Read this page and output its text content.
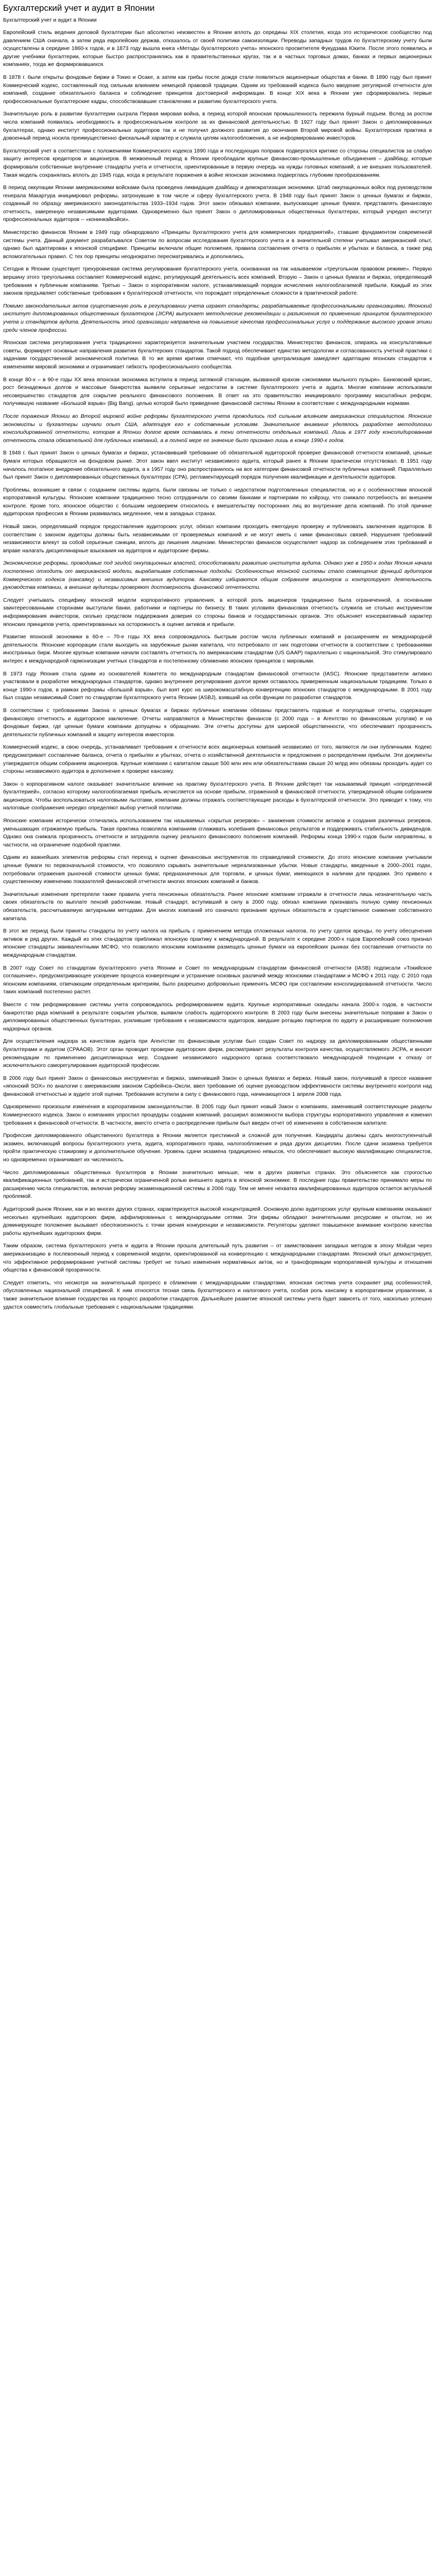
Бухгалтерский учет и аудит в Японии
Бухгалтерский учет и аудит в Японии

Европейский стиль ведения деловой бухгалтерии был абсолютно неизвестен в Японии вплоть до середины XIX столетия, когда это историческое сообщество под давлением США сначала, а затем ряда европейских держав, отказалось от своей политики самоизоляции. Переводы западных трудов по бухгалтерскому учету были осуществлены в середине 1860-х годов, и в 1873 году вышла книга «Методы бухгалтерского учета» японского просветителя Фукудзава Юкити. После этого появились и другие учебники бухгалтерии, которые быстро распространялись как в правительственных кругах, так и в частных торговых домах, банках и первых акционерных компаниях, тогда же формировавшихся.

В 1878 г. были открыты фондовые биржи в Токио и Осаке, а затем как грибы после дождя стали появляться акционерные общества и банки. В 1890 году был принят Коммерческий кодекс, составленный под сильным влиянием немецкой правовой традиции. Одним из требований кодекса было введение регулярной отчетности для компаний, создание обязательного баланса и соблюдение принципов достоверной информации. В конце XIX века в Японии уже сформировались первые профессиональные бухгалтерские кадры, способствовавшие становлению и развитию бухгалтерского учета.

Значительную роль в развитии бухгалтерии сыграла Первая мировая война, в период которой японская промышленность пережила бурный подъем. Вслед за ростом числа компаний появилась необходимость в профессиональном контроле за их финансовой деятельностью. В 1927 году был принят Закон о дипломированных бухгалтерах, однако институт профессиональных аудиторов так и не получил должного развития до окончания Второй мировой войны. Бухгалтерская практика в довоенный период носила преимущественно фискальный характер и служила целям налогообложения, а не информированию инвесторов.

Бухгалтерский учет в соответствии с положениями Коммерческого кодекса 1890 года и последующих поправок подвергался критике со стороны специалистов за слабую защиту интересов кредиторов и акционеров. В межвоенный период в Японии преобладали крупные финансово-промышленные объединения – дзайбацу, которые формировали собственные внутренние стандарты учета и отчетности, ориентированные в первую очередь на нужды головных компаний, а не внешних пользователей. Такая модель сохранялась вплоть до 1945 года, когда в результате поражения в войне японская экономика подверглась глубоким преобразованиям.

В период оккупации Японии американскими войсками была проведена ликвидация дзайбацу и демократизация экономики. Штаб оккупационных войск под руководством генерала Макартура инициировал реформы, затронувшие в том числе и сферу бухгалтерского учета. В 1948 году был принят Закон о ценных бумагах и биржах, созданный по образцу американского законодательства 1933–1934 годов. Этот закон обязывал компании, выпускающие ценные бумаги, представлять финансовую отчетность, заверенную независимыми аудиторами. Одновременно был принят Закон о дипломированных общественных бухгалтерах, который учредил институт профессиональных аудиторов – «конинкайкэйси».

Министерство финансов Японии в 1949 году обнародовало «Принципы бухгалтерского учета для коммерческих предприятий», ставшие фундаментом современной системы учета. Данный документ разрабатывался Советом по вопросам исследования бухгалтерского учета и в значительной степени учитывал американский опыт, однако был адаптирован к японской специфике. Принципы включали общие положения, правила составления отчета о прибылях и убытках и баланса, а также ряд вспомогательных правил. С тех пор принципы неоднократно пересматривались и дополнялись.

Сегодня в Японии существует трехуровневая система регулирования бухгалтерского учета, основанная на так называемом «треугольном правовом режиме». Первую вершину этого треугольника составляет Коммерческий кодекс, регулирующий деятельность всех компаний. Вторую – Закон о ценных бумагах и биржах, определяющий требования к публичным компаниям. Третью – Закон о корпоративном налоге, устанавливающий порядок исчисления налогооблагаемой прибыли. Каждый из этих законов предъявляет собственные требования к бухгалтерской отчетности, что порождает определенные сложности в практической работе.

Помимо законодательных актов существенную роль в регулировании учета играют стандарты, разрабатываемые профессиональными организациями. Японский институт дипломированных общественных бухгалтеров (JICPA) выпускает методические рекомендации и разъяснения по применению принципов бухгалтерского учета и стандартов аудита. Деятельность этой организации направлена на повышение качества профессиональных услуг и поддержание высокого уровня этики среди членов профессии.

Японская система регулирования учета традиционно характеризуется значительным участием государства. Министерство финансов, опираясь на консультативные советы, формирует основные направления развития бухгалтерских стандартов. Такой подход обеспечивает единство методологии и согласованность учетной практики с задачами государственной экономической политики. В то же время критики отмечают, что подобная централизация замедляет адаптацию японских стандартов к изменениям мировой экономики и ограничивает гибкость профессионального сообщества.

В конце 80-х – в 90-е годы XX века японская экономика вступила в период затяжной стагнации, вызванной крахом «экономики мыльного пузыря». Банковский кризис, рост безнадежных долгов и массовые банкротства выявили серьезные недостатки в системе бухгалтерского учета и аудита. Многие компании использовали несовершенство стандартов для сокрытия реального финансового положения. В ответ на это правительство инициировало программу масштабных реформ, получившую название «Большой взрыв» (Big Bang), целью которой было приведение финансовой системы Японии в соответствие с международными нормами.

После поражения Японии во Второй мировой войне реформы бухгалтерского учета проводились под сильным влиянием американских специалистов. Японские экономисты и бухгалтеры изучали опыт США, адаптируя его к собственным условиям. Значительное внимание уделялось разработке методологии консолидированной отчетности, которая в Японии долгое время оставалась в тени отчетности отдельных компаний. Лишь в 1977 году консолидированная отчетность стала обязательной для публичных компаний, а в полной мере ее значение было признано лишь в конце 1990-х годов.

В 1948 г. был принят Закон о ценных бумагах и биржах, установивший требование об обязательной аудиторской проверке финансовой отчетности компаний, ценные бумаги которых обращаются на фондовом рынке. Этот закон ввел институт независимого аудита, который ранее в Японии практически отсутствовал. В 1951 году началось поэтапное внедрение обязательного аудита, а к 1957 году оно распространилось на все категории финансовой отчетности публичных компаний. Параллельно был принят Закон о дипломированных общественных бухгалтерах (CPA), регламентирующий порядок получения квалификации и деятельности аудиторов.

Проблемы, возникшие в связи с созданием системы аудита, были связаны не только с недостатком подготовленных специалистов, но и с особенностями японской корпоративной культуры. Японские компании традиционно тесно сотрудничали со своими банками и партнерами по кэйрэцу, что снижало потребность во внешнем контроле. Кроме того, японское общество с большим недоверием относилось к вмешательству посторонних лиц во внутренние дела компаний. По этой причине аудиторская профессия в Японии развивалась медленнее, чем в западных странах.

Новый закон, определивший порядок предоставления аудиторских услуг, обязал компании проходить ежегодную проверку и публиковать заключения аудиторов. В соответствии с законом аудиторы должны быть независимыми от проверяемых компаний и не могут иметь с ними финансовых связей. Нарушения требований независимости влекут за собой серьезные санкции, вплоть до лишения лицензии. Министерство финансов осуществляет надзор за соблюдением этих требований и вправе налагать дисциплинарные взыскания на аудиторов и аудиторские фирмы.

Экономические реформы, проводимые под эгидой оккупационных властей, способствовали развитию института аудита. Однако уже в 1950-х годах Япония начала постепенно отходить от американской модели, вырабатывая собственные подходы. Особенностью японской системы стало совмещение функций аудиторов Коммерческого кодекса (кансаяку) и независимых внешних аудиторов. Кансаяку избираются общим собранием акционеров и контролируют деятельность руководства компании, а внешние аудиторы проверяют достоверность финансовой отчетности.

Следует учитывать специфику японской модели корпоративного управления, в которой роль акционеров традиционно была ограниченной, а основными заинтересованными сторонами выступали банки, работники и партнеры по бизнесу. В таких условиях финансовая отчетность служила не столько инструментом информирования инвесторов, сколько средством поддержания доверия со стороны банков и государственных органов. Это объясняет консервативный характер японских принципов учета, ориентированных на осторожность в оценке активов и прибыли.

Развитие японской экономики в 60-е – 70-е годы XX века сопровождалось быстрым ростом числа публичных компаний и расширением их международной деятельности. Японские корпорации стали выходить на зарубежные рынки капитала, что потребовало от них подготовки отчетности в соответствии с требованиями иностранных бирж. Многие крупные компании начали составлять отчетность по американским стандартам (US GAAP) параллельно с национальной. Это стимулировало интерес к международной гармонизации учетных стандартов и постепенному сближению японских принципов с мировыми.

В 1973 году Япония стала одним из основателей Комитета по международным стандартам финансовой отчетности (IASC). Японские представители активно участвовали в разработке международных стандартов, однако внутреннее регулирование долгое время оставалось приверженным национальным традициям. Только в конце 1990-х годов, в рамках реформы «Большой взрыв», был взят курс на широкомасштабную конвергенцию японских стандартов с международными. В 2001 году был создан независимый Совет по стандартам бухгалтерского учета Японии (ASBJ), взявший на себя функции по разработке стандартов.

В соответствии с требованиями Закона о ценных бумагах и биржах публичные компании обязаны представлять годовые и полугодовые отчеты, содержащие финансовую отчетность и аудиторское заключение. Отчеты направляются в Министерство финансов (с 2000 года – в Агентство по финансовым услугам) и на фондовые биржи, где ценные бумаги компании допущены к обращению. Эти отчеты доступны для широкой общественности, что обеспечивает прозрачность деятельности публичных компаний и защиту интересов инвесторов.

Коммерческий кодекс, в свою очередь, устанавливает требования к отчетности всех акционерных компаний независимо от того, являются ли они публичными. Кодекс предусматривает составление баланса, отчета о прибылях и убытках, отчета о хозяйственной деятельности и предложения о распределении прибыли. Эти документы утверждаются общим собранием акционеров. Крупные компании с капиталом свыше 500 млн иен или обязательствами свыше 20 млрд иен обязаны проходить аудит со стороны независимого аудитора в дополнение к проверке кансаяку.

Закон о корпоративном налоге оказывает значительное влияние на практику бухгалтерского учета. В Японии действует так называемый принцип «определенной бухгалтерией», согласно которому налогооблагаемая прибыль исчисляется на основе прибыли, отраженной в финансовой отчетности, утвержденной общим собранием акционеров. Чтобы воспользоваться налоговыми льготами, компании должны отражать соответствующие расходы в бухгалтерской отчетности. Это приводит к тому, что налоговые соображения нередко определяют выбор учетной политики.

Японские компании исторически отличались использованием так называемых «скрытых резервов» – занижения стоимости активов и создания различных резервов, уменьшающих отражаемую прибыль. Такая практика позволяла компаниям сглаживать колебания финансовых результатов и поддерживать стабильность дивидендов. Однако она снижала прозрачность отчетности и затрудняла оценку реального финансового положения компаний. Реформы конца 1990-х годов были направлены, в частности, на ограничение подобной практики.

Одним из важнейших элементов реформы стал переход к оценке финансовых инструментов по справедливой стоимости. До этого японские компании учитывали ценные бумаги по первоначальной стоимости, что позволяло скрывать значительные нереализованные убытки. Новые стандарты, введенные в 2000–2001 годах, потребовали отражения рыночной стоимости ценных бумаг, предназначенных для торговли, и ценных бумаг, имеющихся в наличии для продажи. Это привело к существенному изменению показателей финансовой отчетности многих японских компаний и банков.

Значительные изменения претерпели также правила учета пенсионных обязательств. Ранее японские компании отражали в отчетности лишь незначительную часть своих обязательств по выплате пенсий работникам. Новый стандарт, вступивший в силу в 2000 году, обязал компании признавать полную сумму пенсионных обязательств, рассчитываемую актуарными методами. Для многих компаний это означало признание крупных обязательств и существенное снижение собственного капитала.

В этот же период были приняты стандарты по учету налога на прибыль с применением метода отложенных налогов, по учету сделок аренды, по учету обесценения активов и ряд других. Каждый из этих стандартов приближал японскую практику к международной. В результате к середине 2000-х годов Европейский союз признал японские стандарты эквивалентными МСФО, что позволило японским компаниям размещать ценные бумаги на европейских рынках без составления отчетности по международным стандартам.

В 2007 году Совет по стандартам бухгалтерского учета Японии и Совет по международным стандартам финансовой отчетности (IASB) подписали «Токийское соглашение», предусматривающее ускорение процесса конвергенции и устранение основных различий между японскими стандартами и МСФО к 2011 году. С 2010 года японским компаниям, отвечающим определенным критериям, было разрешено добровольно применять МСФО при составлении консолидированной отчетности. Число таких компаний постепенно растет.

Вместе с тем реформирование системы учета сопровождалось реформированием аудита. Крупные корпоративные скандалы начала 2000-х годов, в частности банкротство ряда компаний в результате сокрытия убытков, выявили слабость аудиторского контроля. В 2003 году были внесены значительные поправки в Закон о дипломированных общественных бухгалтерах, усилившие требования к независимости аудиторов, введшие ротацию партнеров по аудиту и расширившие полномочия надзорных органов.

Для осуществления надзора за качеством аудита при Агентстве по финансовым услугам был создан Совет по надзору за дипломированными общественными бухгалтерами и аудитом (CPAAOB). Этот орган проводит проверки аудиторских фирм, рассматривает результаты контроля качества, осуществляемого JICPA, и вносит рекомендации по применению дисциплинарных мер. Создание независимого надзорного органа соответствовало международной тенденции к отказу от исключительного саморегулирования аудиторской профессии.

В 2006 году был принят Закон о финансовых инструментах и биржах, заменивший Закон о ценных бумагах и биржах. Новый закон, получивший в прессе название «японский SOX» по аналогии с американским законом Сарбейнса–Оксли, ввел требование об оценке руководством эффективности системы внутреннего контроля над финансовой отчетностью и аудите этой оценки. Требования вступили в силу с финансового года, начинающегося 1 апреля 2008 года.

Одновременно произошли изменения в корпоративном законодательстве. В 2005 году был принят новый Закон о компаниях, заменивший соответствующие разделы Коммерческого кодекса. Закон о компаниях упростил процедуры создания компаний, расширил возможности выбора структуры корпоративного управления и изменил требования к финансовой отчетности. В частности, вместо отчета о распределении прибыли был введен отчет об изменениях в собственном капитале.

Профессия дипломированного общественного бухгалтера в Японии является престижной и сложной для получения. Кандидаты должны сдать многоступенчатый экзамен, включающий вопросы бухгалтерского учета, аудита, корпоративного права, налогообложения и ряда других дисциплин. После сдачи экзамена требуется пройти практическую стажировку и дополнительное обучение. Уровень сдачи экзамена традиционно невысок, что обеспечивает высокую квалификацию специалистов, но одновременно ограничивает их численность.

Число дипломированных общественных бухгалтеров в Японии значительно меньше, чем в других развитых странах. Это объясняется как строгостью квалификационных требований, так и исторически ограниченной ролью внешнего аудита в японской экономике. В последние годы правительство принимало меры по расширению числа специалистов, включая реформу экзаменационной системы в 2006 году. Тем не менее нехватка квалифицированных аудиторов остается актуальной проблемой.

Аудиторский рынок Японии, как и во многих других странах, характеризуется высокой концентрацией. Основную долю аудиторских услуг крупным компаниям оказывают несколько крупнейших аудиторских фирм, аффилированных с международными сетями. Эти фирмы обладают значительными ресурсами и опытом, но их доминирующее положение вызывает обеспокоенность с точки зрения конкуренции и независимости. Регуляторы уделяют повышенное внимание контролю качества работы крупнейших аудиторских фирм.

Таким образом, система бухгалтерского учета и аудита в Японии прошла длительный путь развития – от заимствования западных методов в эпоху Мэйдзи через американизацию в послевоенный период к современной модели, ориентированной на конвергенцию с международными стандартами. Японский опыт демонстрирует, что эффективное реформирование учетной системы требует не только изменения нормативных актов, но и трансформации корпоративной культуры и отношения общества к финансовой прозрачности.

Следует отметить, что несмотря на значительный прогресс в сближении с международными стандартами, японская система учета сохраняет ряд особенностей, обусловленных национальной спецификой. К ним относятся тесная связь бухгалтерского и налогового учета, особая роль кансаяку в корпоративном управлении, а также значительное влияние государства на процесс разработки стандартов. Дальнейшее развитие японской системы учета будет зависеть от того, насколько успешно удастся совместить глобальные требования с национальными традициями.
